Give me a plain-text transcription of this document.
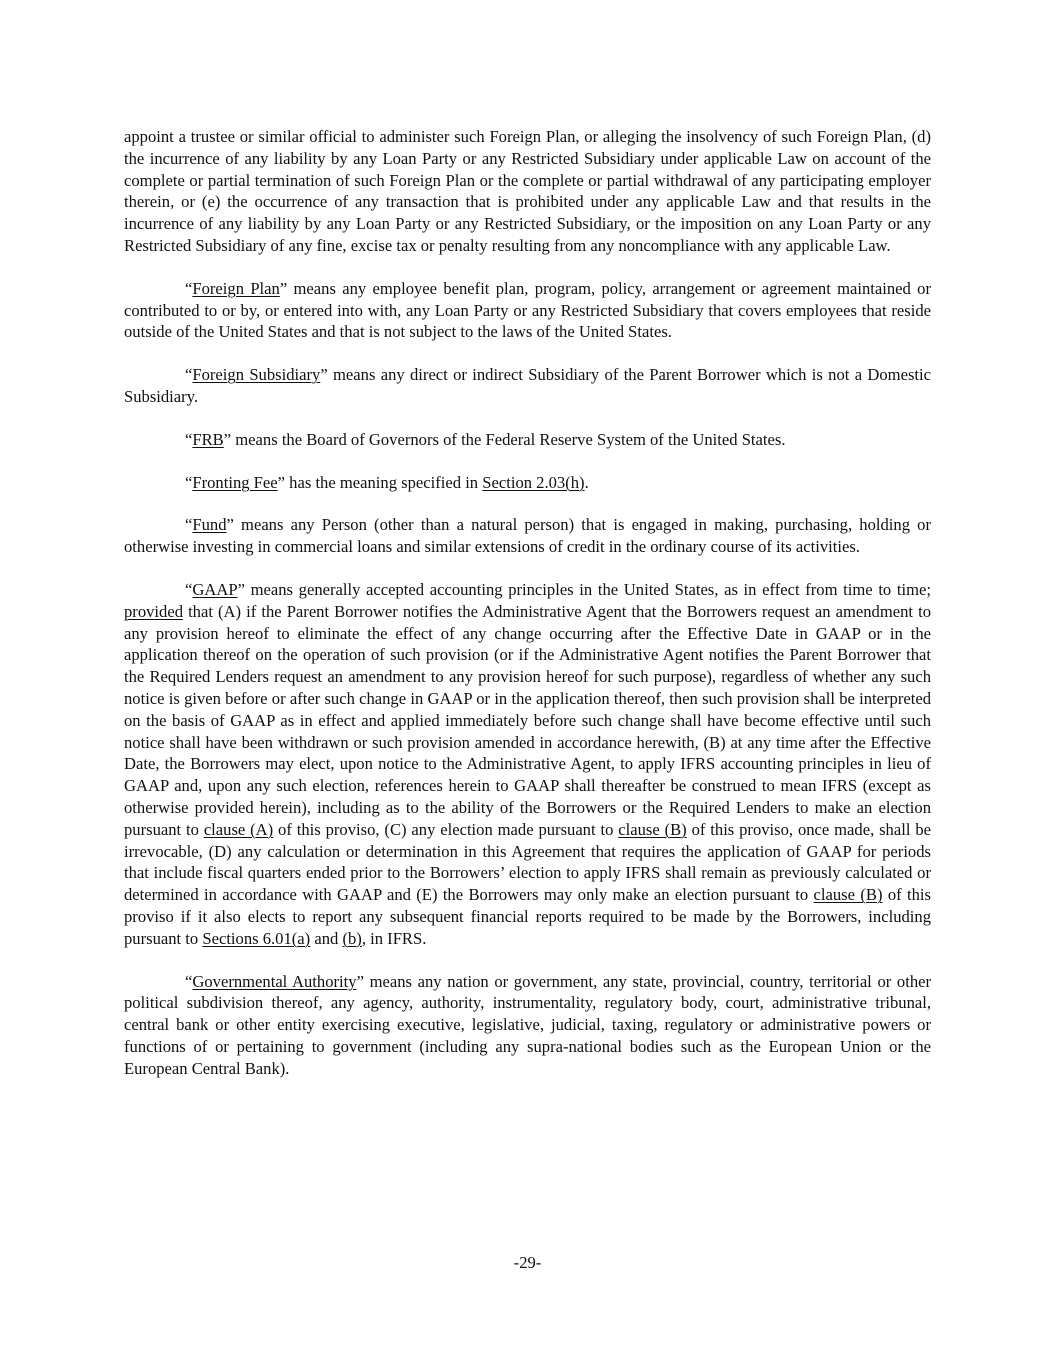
appoint a trustee or similar official to administer such Foreign Plan, or alleging the insolvency of such Foreign Plan, (d) the incurrence of any liability by any Loan Party or any Restricted Subsidiary under applicable Law on account of the complete or partial termination of such Foreign Plan or the complete or partial withdrawal of any participating employer therein, or (e) the occurrence of any transaction that is prohibited under any applicable Law and that results in the incurrence of any liability by any Loan Party or any Restricted Subsidiary, or the imposition on any Loan Party or any Restricted Subsidiary of any fine, excise tax or penalty resulting from any noncompliance with any applicable Law.

“Foreign Plan” means any employee benefit plan, program, policy, arrangement or agreement maintained or contributed to or by, or entered into with, any Loan Party or any Restricted Subsidiary that covers employees that reside outside of the United States and that is not subject to the laws of the United States.

“Foreign Subsidiary” means any direct or indirect Subsidiary of the Parent Borrower which is not a Domestic Subsidiary.

“FRB” means the Board of Governors of the Federal Reserve System of the United States.

“Fronting Fee” has the meaning specified in Section 2.03(h).

“Fund” means any Person (other than a natural person) that is engaged in making, purchasing, holding or otherwise investing in commercial loans and similar extensions of credit in the ordinary course of its activities.

“GAAP” means generally accepted accounting principles in the United States, as in effect from time to time; provided that (A) if the Parent Borrower notifies the Administrative Agent that the Borrowers request an amendment to any provision hereof to eliminate the effect of any change occurring after the Effective Date in GAAP or in the application thereof on the operation of such provision (or if the Administrative Agent notifies the Parent Borrower that the Required Lenders request an amendment to any provision hereof for such purpose), regardless of whether any such notice is given before or after such change in GAAP or in the application thereof, then such provision shall be interpreted on the basis of GAAP as in effect and applied immediately before such change shall have become effective until such notice shall have been withdrawn or such provision amended in accordance herewith, (B) at any time after the Effective Date, the Borrowers may elect, upon notice to the Administrative Agent, to apply IFRS accounting principles in lieu of GAAP and, upon any such election, references herein to GAAP shall thereafter be construed to mean IFRS (except as otherwise provided herein), including as to the ability of the Borrowers or the Required Lenders to make an election pursuant to clause (A) of this proviso, (C) any election made pursuant to clause (B) of this proviso, once made, shall be irrevocable, (D) any calculation or determination in this Agreement that requires the application of GAAP for periods that include fiscal quarters ended prior to the Borrowers’ election to apply IFRS shall remain as previously calculated or determined in accordance with GAAP and (E) the Borrowers may only make an election pursuant to clause (B) of this proviso if it also elects to report any subsequent financial reports required to be made by the Borrowers, including pursuant to Sections 6.01(a) and (b), in IFRS.

“Governmental Authority” means any nation or government, any state, provincial, country, territorial or other political subdivision thereof, any agency, authority, instrumentality, regulatory body, court, administrative tribunal, central bank or other entity exercising executive, legislative, judicial, taxing, regulatory or administrative powers or functions of or pertaining to government (including any supra-national bodies such as the European Union or the European Central Bank).

-29-
